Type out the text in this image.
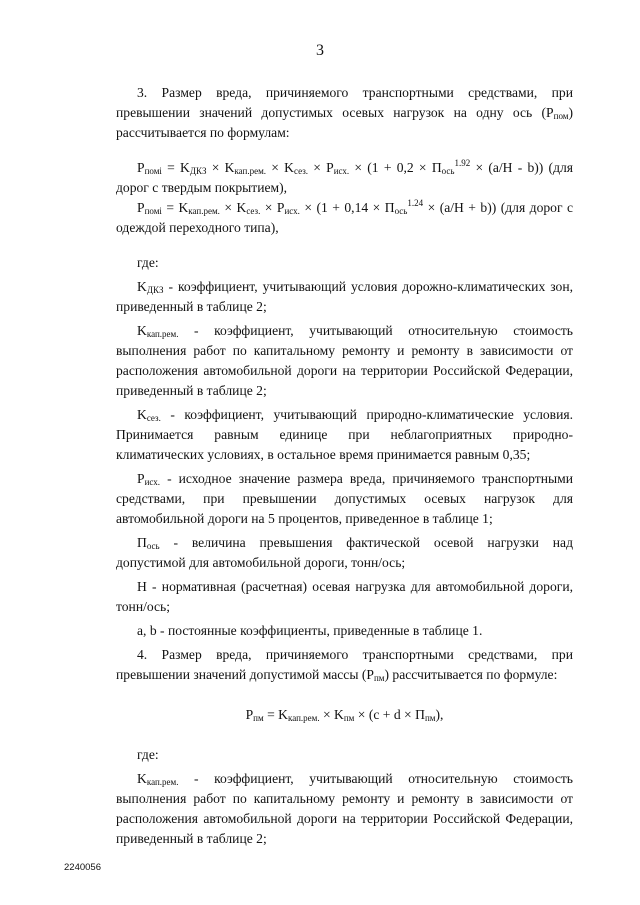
3

3. Размер вреда, причиняемого транспортными средствами, при превышении значений допустимых осевых нагрузок на одну ось $(P_{пом})$ рассчитывается по формулам:

$P_{помі} = K_{ДКЗ} \times K_{кап.рем.} \times K_{сез.} \times P_{исх.} \times (1 + 0,2 \times П_{ось}^{1.92} \times (a/H - b))$ (для дорог с твердым покрытием),

$P_{помі} = K_{кап.рем.} \times K_{сез.} \times P_{исх.} \times (1 + 0,14 \times П_{ось}^{1.24} \times (a/H + b))$ (для дорог с одеждой переходного типа),

где:

$K_{ДКЗ}$ - коэффициент, учитывающий условия дорожно-климатических зон, приведенный в таблице 2;

$K_{кап.рем.}$ - коэффициент, учитывающий относительную стоимость выполнения работ по капитальному ремонту и ремонту в зависимости от расположения автомобильной дороги на территории Российской Федерации, приведенный в таблице 2;

$K_{сез.}$ - коэффициент, учитывающий природно-климатические условия. Принимается равным единице при неблагоприятных природно-климатических условиях, в остальное время принимается равным 0,35;

$P_{исх.}$ - исходное значение размера вреда, причиняемого транспортными средствами, при превышении допустимых осевых нагрузок для автомобильной дороги на 5 процентов, приведенное в таблице 1;

$П_{ось}$ - величина превышения фактической осевой нагрузки над допустимой для автомобильной дороги, тонн/ось;

H - нормативная (расчетная) осевая нагрузка для автомобильной дороги, тонн/ось;

a, b - постоянные коэффициенты, приведенные в таблице 1.

4. Размер вреда, причиняемого транспортными средствами, при превышении значений допустимой массы $(P_{пм})$ рассчитывается по формуле:

$P_{пм} = K_{кап.рем.} \times K_{пм} \times (c + d \times П_{пм})$,

где:

$K_{кап.рем.}$ - коэффициент, учитывающий относительную стоимость выполнения работ по капитальному ремонту и ремонту в зависимости от расположения автомобильной дороги на территории Российской Федерации, приведенный в таблице 2;

2240056
